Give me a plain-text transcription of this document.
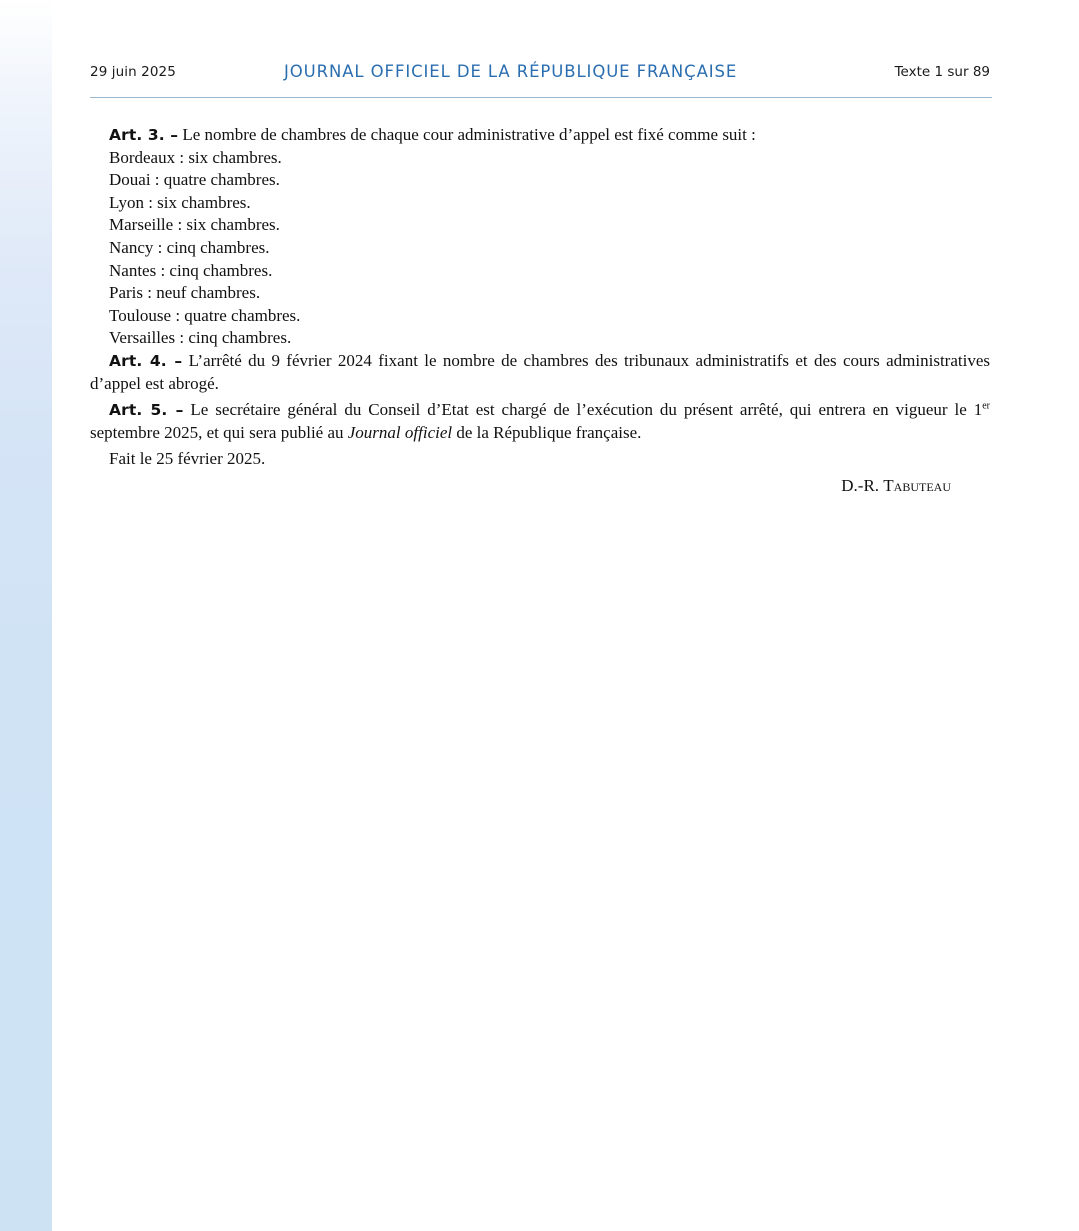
29 juin 2025	JOURNAL OFFICIEL DE LA RÉPUBLIQUE FRANÇAISE	Texte 1 sur 89

Art. 3. – Le nombre de chambres de chaque cour administrative d’appel est fixé comme suit :

Bordeaux : six chambres.

Douai : quatre chambres.

Lyon : six chambres.

Marseille : six chambres.

Nancy : cinq chambres.

Nantes : cinq chambres.

Paris : neuf chambres.

Toulouse : quatre chambres.

Versailles : cinq chambres.

Art. 4. – L’arrêté du 9 février 2024 fixant le nombre de chambres des tribunaux administratifs et des cours administratives d’appel est abrogé.

Art. 5. – Le secrétaire général du Conseil d’Etat est chargé de l’exécution du présent arrêté, qui entrera en vigueur le 1er septembre 2025, et qui sera publié au Journal officiel de la République française.

Fait le 25 février 2025.

D.-R. Tabuteau
